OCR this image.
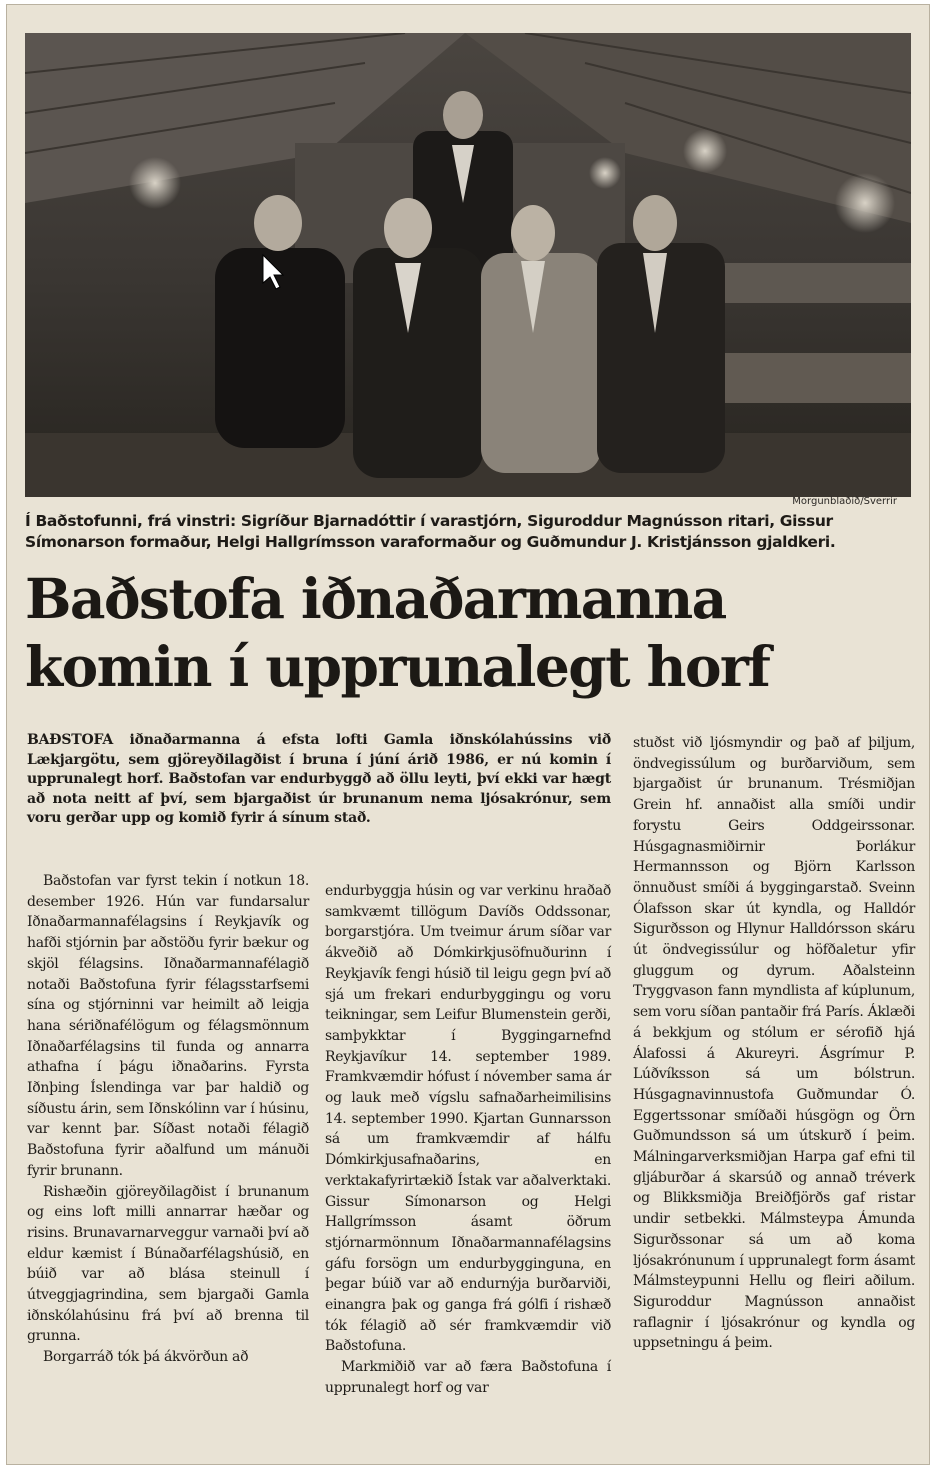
Morgunblaðið/Sverrir
Í Baðstofunni, frá vinstri: Sigríður Bjarnadóttir í varastjórn, Siguroddur Magnússon ritari, Gissur Símonarson formaður, Helgi Hallgrímsson varaformaður og Guðmundur J. Kristjánsson gjaldkeri.
Baðstofa iðnaðarmanna
komin í upprunalegt horf
BAÐSTOFA iðnaðarmanna á efsta lofti Gamla iðnskólahússins við Lækjargötu, sem gjöreyðilagðist í bruna í júní árið 1986, er nú komin í upprunalegt horf. Baðstofan var endurbyggð að öllu leyti, því ekki var hægt að nota neitt af því, sem bjargaðist úr brunanum nema ljósakrónur, sem voru gerðar upp og komið fyrir á sínum stað.

Baðstofan var fyrst tekin í notkun 18. desember 1926. Hún var fundarsalur Iðnaðarmannafélagsins í Reykjavík og hafði stjórnin þar aðstöðu fyrir bækur og skjöl félagsins. Iðnaðarmannafélagið notaði Baðstofuna fyrir félagsstarfsemi sína og stjórninni var heimilt að leigja hana sériðnafélögum og félagsmönnum Iðnaðarfélagsins til funda og annarra athafna í þágu iðnaðarins. Fyrsta Iðnþing Íslendinga var þar haldið og síðustu árin, sem Iðnskólinn var í húsinu, var kennt þar. Síðast notaði félagið Baðstofuna fyrir aðalfund um mánuði fyrir brunann.

Rishæðin gjöreyðilagðist í brunanum og eins loft milli annarrar hæðar og risins. Brunavarnarveggur varnaði því að eldur kæmist í Búnaðarfélagshúsið, en búið var að blása steinull í útveggjagrindina, sem bjargaði Gamla iðnskólahúsinu frá því að brenna til grunna.

Borgarráð tók þá ákvörðun að

endurbyggja húsin og var verkinu hraðað samkvæmt tillögum Davíðs Oddssonar, borgarstjóra. Um tveimur árum síðar var ákveðið að Dómkirkjusöfnuðurinn í Reykjavík fengi húsið til leigu gegn því að sjá um frekari endurbyggingu og voru teikningar, sem Leifur Blumenstein gerði, samþykktar í Byggingarnefnd Reykjavíkur 14. september 1989. Framkvæmdir hófust í nóvember sama ár og lauk með vígslu safnaðarheimilisins 14. september 1990. Kjartan Gunnarsson sá um framkvæmdir af hálfu Dómkirkjusafnaðarins, en verktakafyrirtækið Ístak var aðalverktaki. Gissur Símonarson og Helgi Hallgrímsson ásamt öðrum stjórnarmönnum Iðnaðarmannafélagsins gáfu forsögn um endurbygginguna, en þegar búið var að endurnýja burðarviði, einangra þak og ganga frá gólfi í rishæð tók félagið að sér framkvæmdir við Baðstofuna.

Markmiðið var að færa Baðstofuna í upprunalegt horf og var

stuðst við ljósmyndir og það af þiljum, öndvegissúlum og burðarviðum, sem bjargaðist úr brunanum. Trésmiðjan Grein hf. annaðist alla smíði undir forystu Geirs Oddgeirssonar. Húsgagnasmiðirnir Þorlákur Hermannsson og Björn Karlsson önnuðust smíði á byggingarstað. Sveinn Ólafsson skar út kyndla, og Halldór Sigurðsson og Hlynur Halldórsson skáru út öndvegissúlur og höfðaletur yfir gluggum og dyrum. Aðalsteinn Tryggvason fann myndlista af kúplunum, sem voru síðan pantaðir frá París. Áklæði á bekkjum og stólum er sérofið hjá Álafossi á Akureyri. Ásgrímur P. Lúðvíksson sá um bólstrun. Húsgagnavinnustofa Guðmundar Ó. Eggertssonar smíðaði húsgögn og Örn Guðmundsson sá um útskurð í þeim. Málningarverksmiðjan Harpa gaf efni til gljáburðar á skarsúð og annað tréverk og Blikksmiðja Breiðfjörðs gaf ristar undir setbekki. Málmsteypa Ámunda Sigurðssonar sá um að koma ljósakrónunum í upprunalegt form ásamt Málmsteypunni Hellu og fleiri aðilum. Siguroddur Magnússon annaðist raflagnir í ljósakrónur og kyndla og uppsetningu á þeim.
